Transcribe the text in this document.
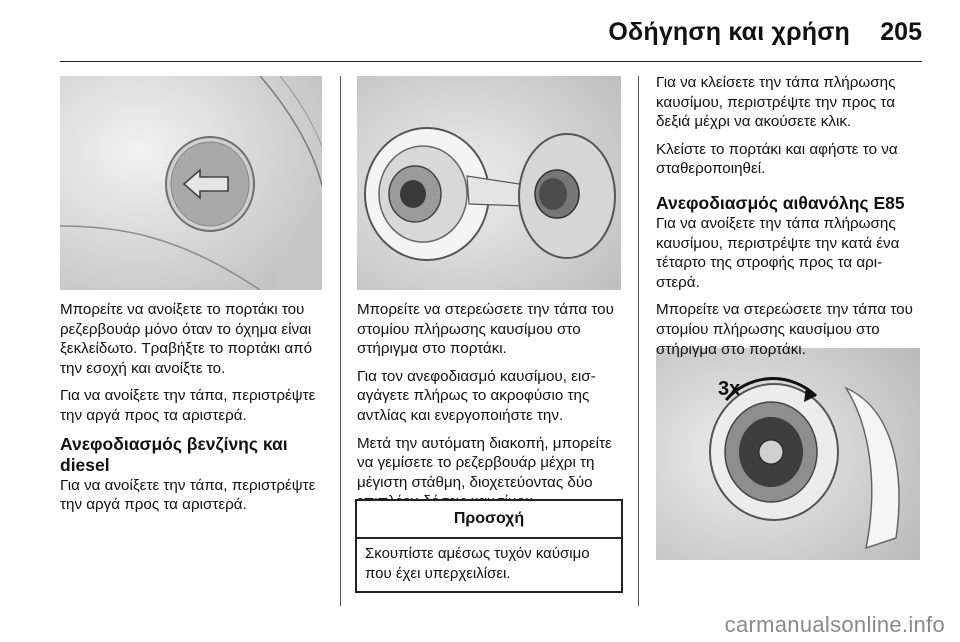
Οδήγηση και χρήση	205
3x

Μπορείτε να ανοίξετε το πορτάκι του ρεζερβουάρ μόνο όταν το όχημα είναι ξεκλείδωτο. Τραβήξτε το πορτάκι από την εσοχή και ανοίξτε το.

Για να ανοίξετε την τάπα, περιστρέψτε την αργά προς τα αριστερά.

Ανεφοδιασμός βενζίνης και diesel

Για να ανοίξετε την τάπα, περιστρέψτε την αργά προς τα αριστερά.

Μπορείτε να στερεώσετε την τάπα του στομίου πλήρωσης καυσίμου στο στήριγμα στο πορτάκι.

Για τον ανεφοδιασμό καυσίμου, εισ-αγάγετε πλήρως το ακροφύσιο της αντλίας και ενεργοποιήστε την.

Μετά την αυτόματη διακοπή, μπορείτε να γεμίσετε το ρεζερβουάρ μέχρι τη μέγιστη στάθμη, διοχετεύοντας δύο

Προσοχή
Σκουπίστε αμέσως τυχόν καύσιμο που έχει υπερχειλίσει.

Για να κλείσετε την τάπα πλήρωσης καυσίμου, περιστρέψτε την προς τα δεξιά μέχρι να ακούσετε κλικ.

Κλείστε το πορτάκι και αφήστε το να σταθεροποιηθεί.

Ανεφοδιασμός αιθανόλης E85

Για να ανοίξετε την τάπα πλήρωσης καυσίμου, περιστρέψτε την κατά ένα τέταρτο της στροφής προς τα αρι-στερά.

Μπορείτε να στερεώσετε την τάπα του στομίου πλήρωσης καυσίμου στο στήριγμα στο πορτάκι.

carmanualsonline.info
